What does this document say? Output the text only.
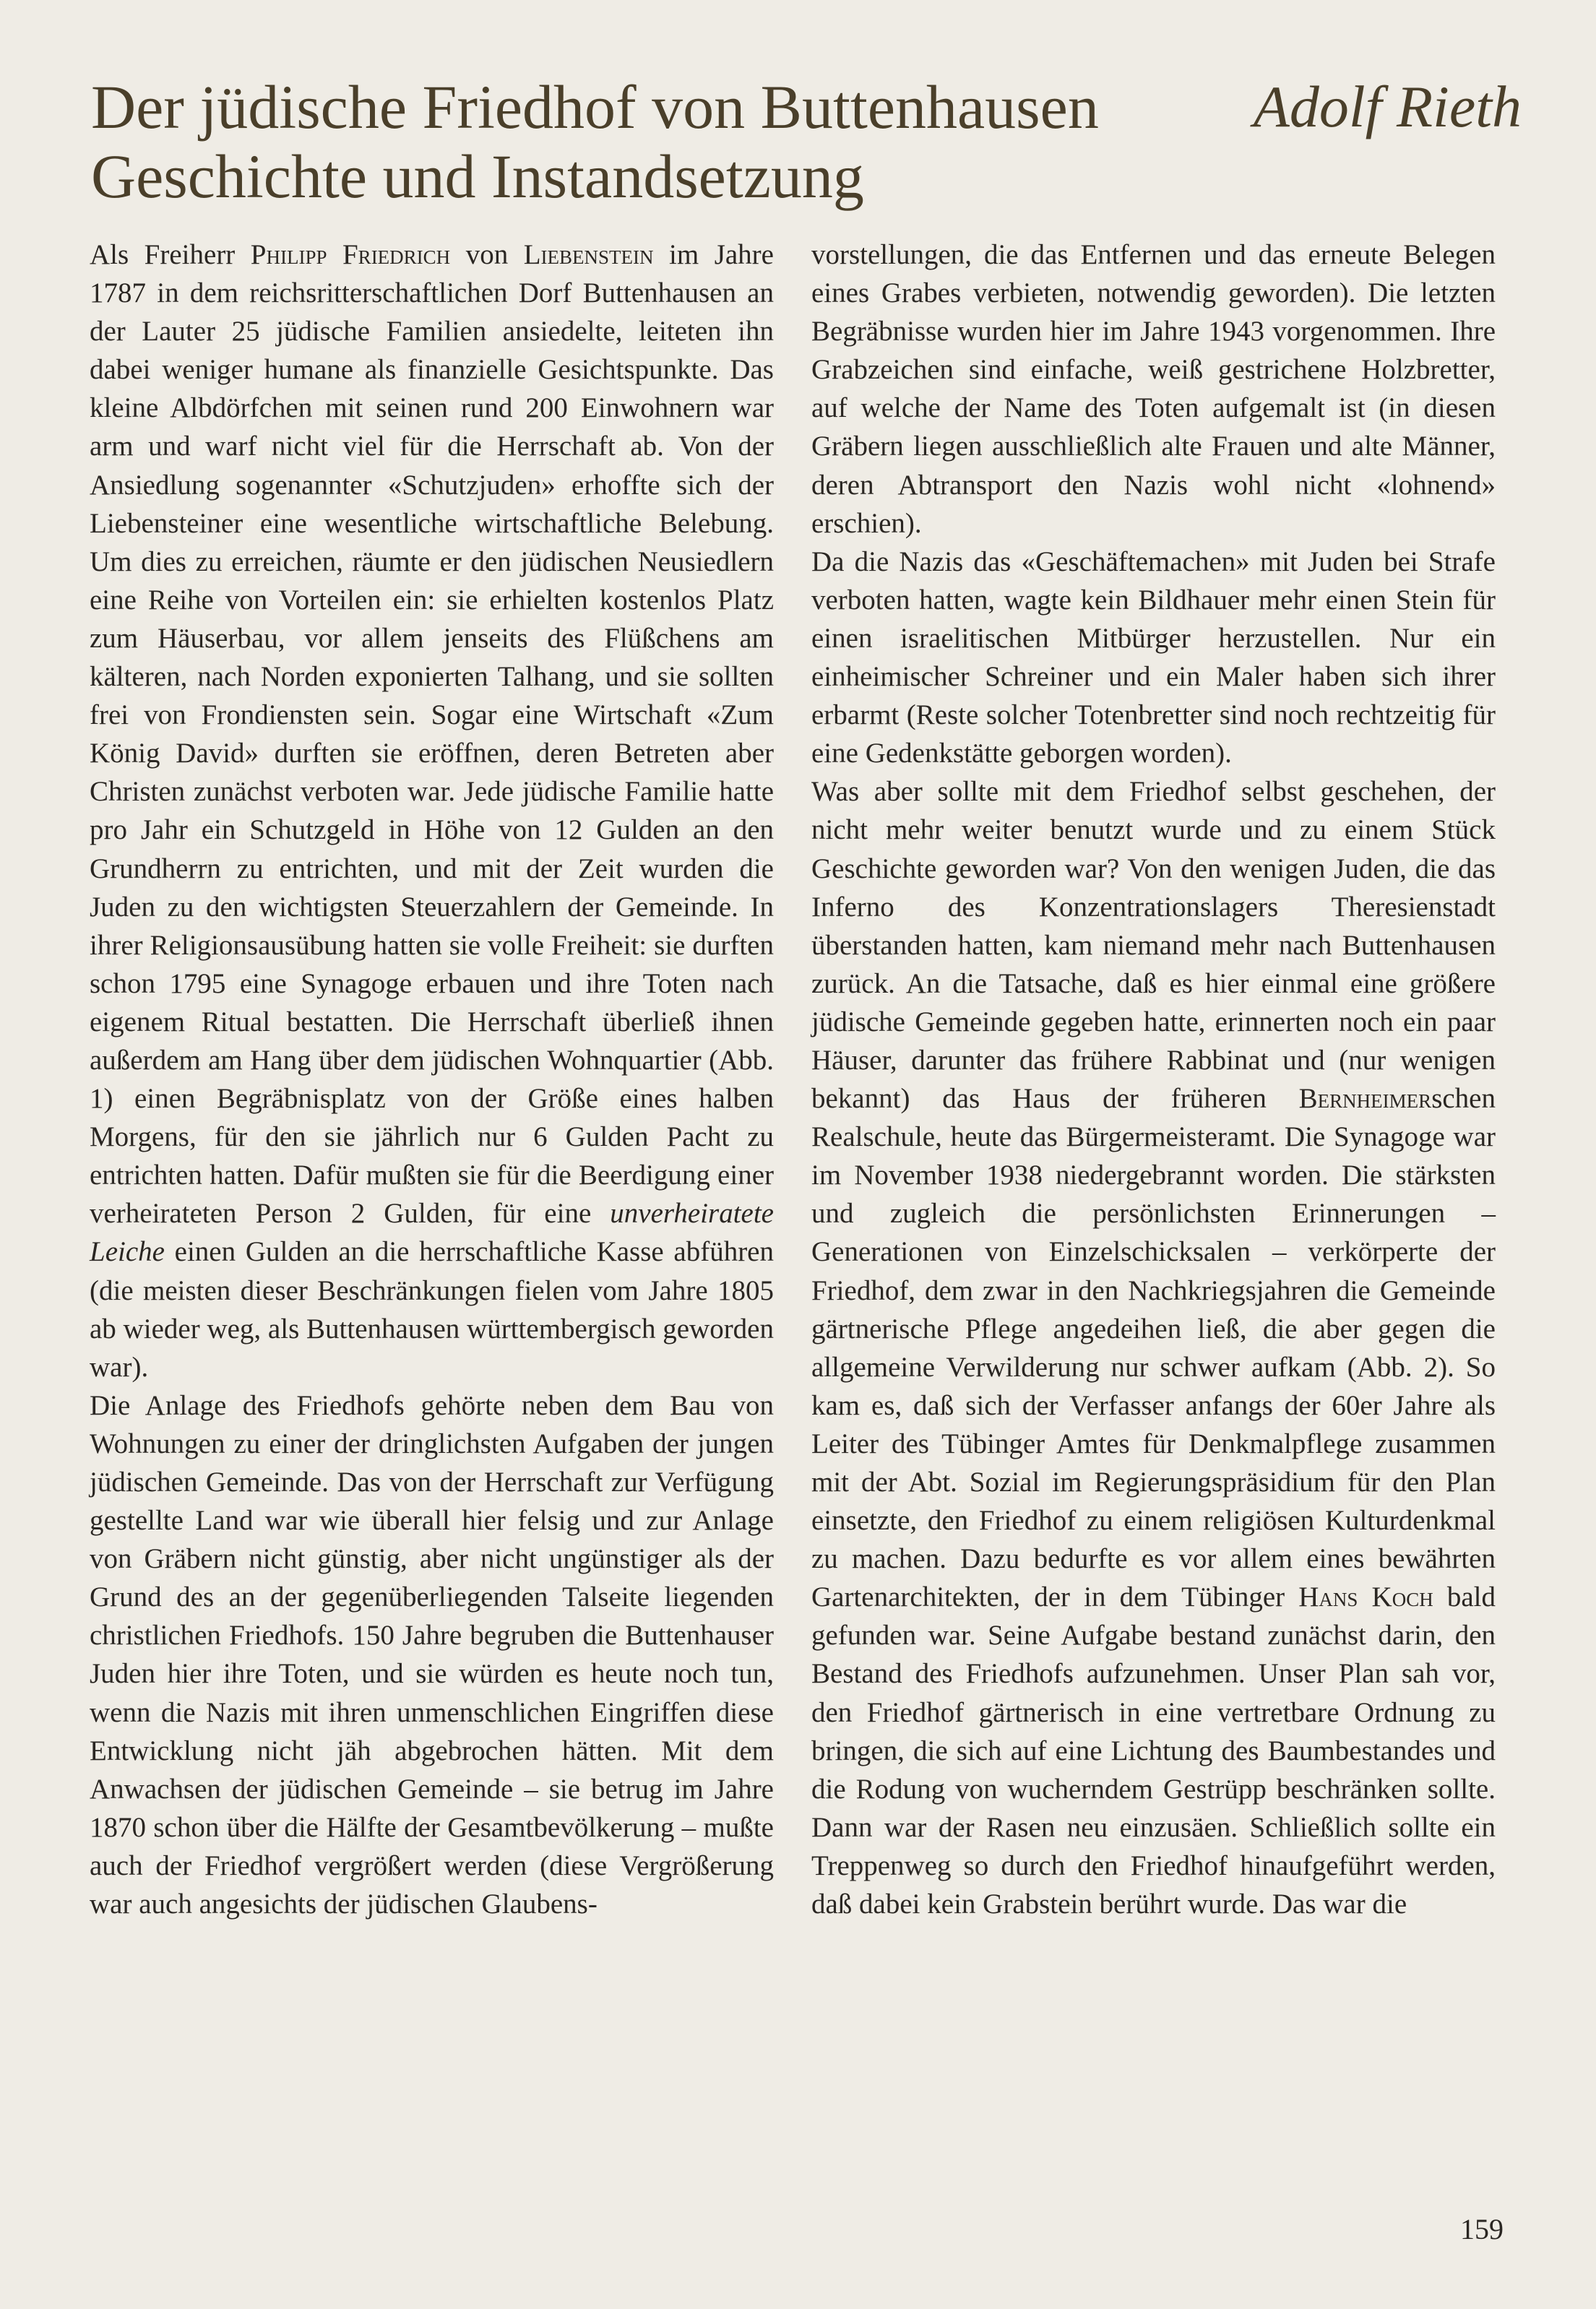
Der jüdische Friedhof von Buttenhausen
Geschichte und Instandsetzung
Adolf Rieth

Als Freiherr Philipp Friedrich von Liebenstein im Jahre 1787 in dem reichsritterschaftlichen Dorf Buttenhausen an der Lauter 25 jüdische Familien ansiedelte, leiteten ihn dabei weniger humane als finanzielle Gesichtspunkte. Das kleine Albdörfchen mit seinen rund 200 Einwohnern war arm und warf nicht viel für die Herrschaft ab. Von der Ansiedlung sogenannter «Schutzjuden» erhoffte sich der Liebensteiner eine wesentliche wirtschaftliche Belebung. Um dies zu erreichen, räumte er den jüdischen Neusiedlern eine Reihe von Vorteilen ein: sie erhielten kostenlos Platz zum Häuserbau, vor allem jenseits des Flüßchens am kälteren, nach Norden exponierten Talhang, und sie sollten frei von Frondiensten sein. Sogar eine Wirtschaft «Zum König David» durften sie eröffnen, deren Betreten aber Christen zunächst verboten war. Jede jüdische Familie hatte pro Jahr ein Schutzgeld in Höhe von 12 Gulden an den Grundherrn zu entrichten, und mit der Zeit wurden die Juden zu den wichtigsten Steuerzahlern der Gemeinde. In ihrer Religionsausübung hatten sie volle Freiheit: sie durften schon 1795 eine Synagoge erbauen und ihre Toten nach eigenem Ritual bestatten. Die Herrschaft überließ ihnen außerdem am Hang über dem jüdischen Wohnquartier (Abb. 1) einen Begräbnisplatz von der Größe eines halben Morgens, für den sie jährlich nur 6 Gulden Pacht zu entrichten hatten. Dafür mußten sie für die Beerdigung einer verheirateten Person 2 Gulden, für eine unverheiratete Leiche einen Gulden an die herrschaftliche Kasse abführen (die meisten dieser Beschränkungen fielen vom Jahre 1805 ab wieder weg, als Buttenhausen württembergisch geworden war).

Die Anlage des Friedhofs gehörte neben dem Bau von Wohnungen zu einer der dringlichsten Aufgaben der jungen jüdischen Gemeinde. Das von der Herrschaft zur Verfügung gestellte Land war wie überall hier felsig und zur Anlage von Gräbern nicht günstig, aber nicht ungünstiger als der Grund des an der gegenüberliegenden Talseite liegenden christlichen Friedhofs. 150 Jahre begruben die Buttenhauser Juden hier ihre Toten, und sie würden es heute noch tun, wenn die Nazis mit ihren unmenschlichen Eingriffen diese Entwicklung nicht jäh abgebrochen hätten. Mit dem Anwachsen der jüdischen Gemeinde – sie betrug im Jahre 1870 schon über die Hälfte der Gesamtbevölkerung – mußte auch der Friedhof vergrößert werden (diese Vergrößerung war auch angesichts der jüdischen Glaubens-

vorstellungen, die das Entfernen und das erneute Belegen eines Grabes verbieten, notwendig geworden). Die letzten Begräbnisse wurden hier im Jahre 1943 vorgenommen. Ihre Grabzeichen sind einfache, weiß gestrichene Holzbretter, auf welche der Name des Toten aufgemalt ist (in diesen Gräbern liegen ausschließlich alte Frauen und alte Männer, deren Abtransport den Nazis wohl nicht «lohnend» erschien).

Da die Nazis das «Geschäftemachen» mit Juden bei Strafe verboten hatten, wagte kein Bildhauer mehr einen Stein für einen israelitischen Mitbürger herzustellen. Nur ein einheimischer Schreiner und ein Maler haben sich ihrer erbarmt (Reste solcher Totenbretter sind noch rechtzeitig für eine Gedenkstätte geborgen worden).

Was aber sollte mit dem Friedhof selbst geschehen, der nicht mehr weiter benutzt wurde und zu einem Stück Geschichte geworden war? Von den wenigen Juden, die das Inferno des Konzentrationslagers Theresienstadt überstanden hatten, kam niemand mehr nach Buttenhausen zurück. An die Tatsache, daß es hier einmal eine größere jüdische Gemeinde gegeben hatte, erinnerten noch ein paar Häuser, darunter das frühere Rabbinat und (nur wenigen bekannt) das Haus der früheren Bernheimerschen Realschule, heute das Bürgermeisteramt. Die Synagoge war im November 1938 niedergebrannt worden. Die stärksten und zugleich die persönlichsten Erinnerungen – Generationen von Einzelschicksalen – verkörperte der Friedhof, dem zwar in den Nachkriegsjahren die Gemeinde gärtnerische Pflege angedeihen ließ, die aber gegen die allgemeine Verwilderung nur schwer aufkam (Abb. 2). So kam es, daß sich der Verfasser anfangs der 60er Jahre als Leiter des Tübinger Amtes für Denkmalpflege zusammen mit der Abt. Sozial im Regierungspräsidium für den Plan einsetzte, den Friedhof zu einem religiösen Kulturdenkmal zu machen. Dazu bedurfte es vor allem eines bewährten Gartenarchitekten, der in dem Tübinger Hans Koch bald gefunden war. Seine Aufgabe bestand zunächst darin, den Bestand des Friedhofs aufzunehmen. Unser Plan sah vor, den Friedhof gärtnerisch in eine vertretbare Ordnung zu bringen, die sich auf eine Lichtung des Baumbestandes und die Rodung von wucherndem Gestrüpp beschränken sollte. Dann war der Rasen neu einzusäen. Schließlich sollte ein Treppenweg so durch den Friedhof hinaufgeführt werden, daß dabei kein Grabstein berührt wurde. Das war die

159
